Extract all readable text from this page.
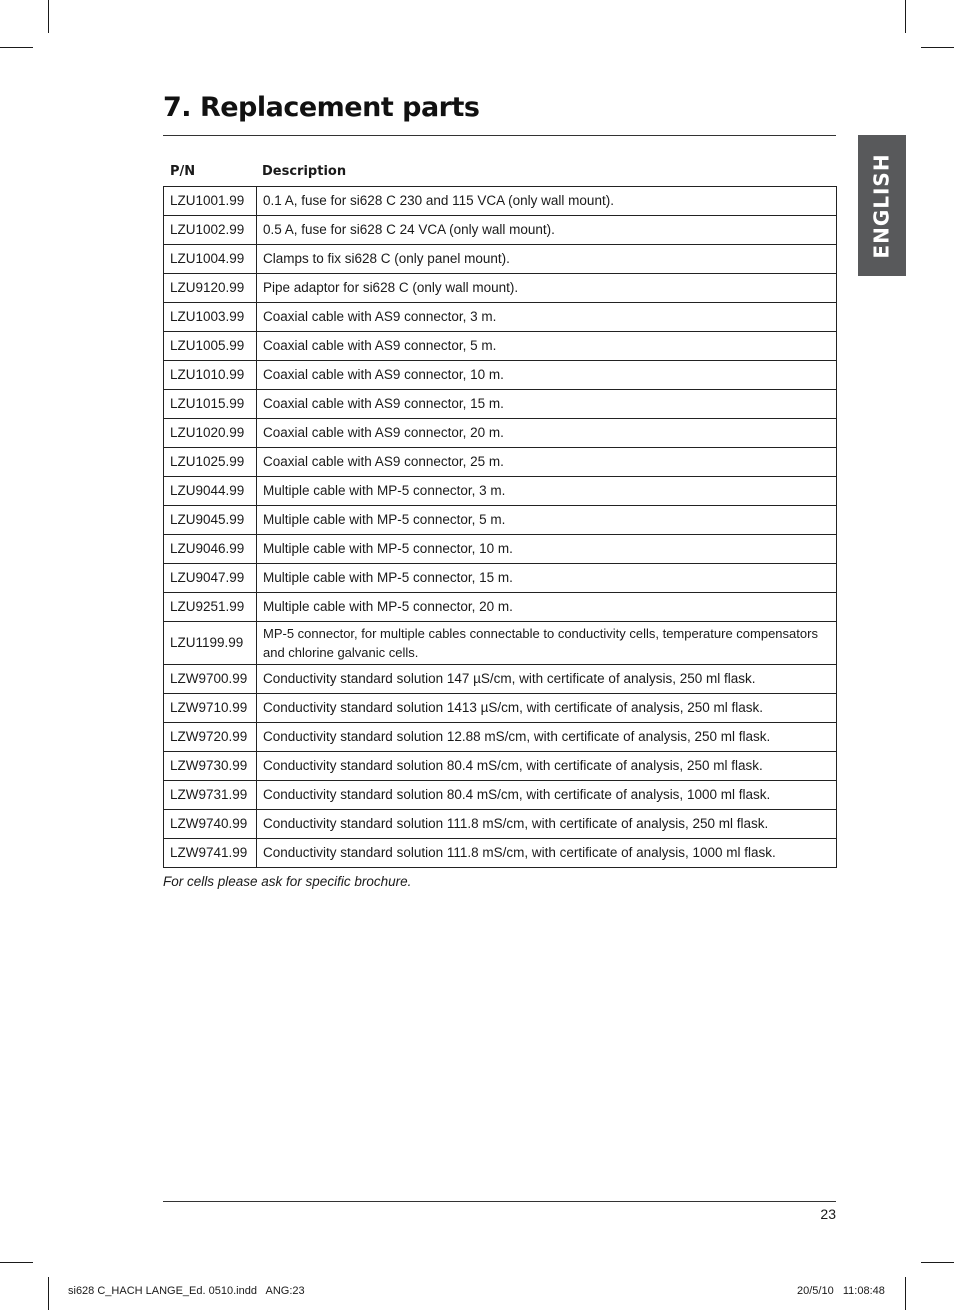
7. Replacement parts
ENGLISH
P/N	Description
LZU1001.99	0.1 A, fuse for si628 C 230 and 115 VCA (only wall mount).
LZU1002.99	0.5 A, fuse for si628 C 24 VCA (only wall mount).
LZU1004.99	Clamps to fix si628 C (only panel mount).
LZU9120.99	Pipe adaptor for si628 C (only wall mount).
LZU1003.99	Coaxial cable with AS9 connector, 3 m.
LZU1005.99	Coaxial cable with AS9 connector, 5 m.
LZU1010.99	Coaxial cable with AS9 connector, 10 m.
LZU1015.99	Coaxial cable with AS9 connector, 15 m.
LZU1020.99	Coaxial cable with AS9 connector, 20 m.
LZU1025.99	Coaxial cable with AS9 connector, 25 m.
LZU9044.99	Multiple cable with MP-5 connector, 3 m.
LZU9045.99	Multiple cable with MP-5 connector, 5 m.
LZU9046.99	Multiple cable with MP-5 connector, 10 m.
LZU9047.99	Multiple cable with MP-5 connector, 15 m.
LZU9251.99	Multiple cable with MP-5 connector, 20 m.
LZU1199.99	MP-5 connector, for multiple cables connectable to conductivity cells, temperature compensators and chlorine galvanic cells.
LZW9700.99	Conductivity standard solution 147 µS/cm, with certificate of analysis, 250 ml flask.
LZW9710.99	Conductivity standard solution 1413 µS/cm, with certificate of analysis, 250 ml flask.
LZW9720.99	Conductivity standard solution 12.88 mS/cm, with certificate of analysis, 250 ml flask.
LZW9730.99	Conductivity standard solution 80.4 mS/cm, with certificate of analysis, 250 ml flask.
LZW9731.99	Conductivity standard solution 80.4 mS/cm, with certificate of analysis, 1000 ml flask.
LZW9740.99	Conductivity standard solution 111.8 mS/cm, with certificate of analysis, 250 ml flask.
LZW9741.99	Conductivity standard solution 111.8 mS/cm, with certificate of analysis, 1000 ml flask.
For cells please ask for specific brochure.
23
si628 C_HACH LANGE_Ed. 0510.indd   ANG:23	20/5/10   11:08:48
